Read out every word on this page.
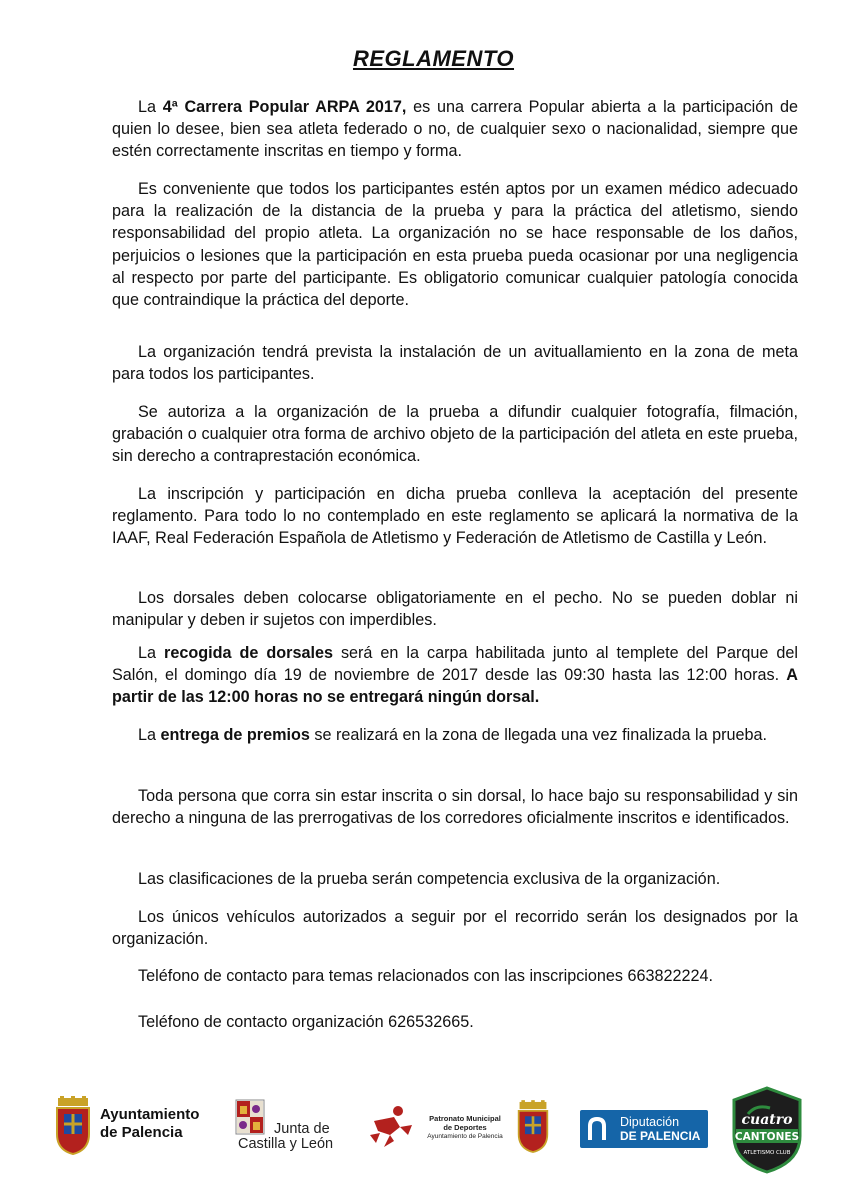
REGLAMENTO

La 4ª Carrera Popular ARPA 2017, es una carrera Popular abierta a la participación de quien lo desee, bien sea atleta federado o no, de cualquier sexo o nacionalidad, siempre que estén correctamente inscritas en tiempo y forma.

Es conveniente que todos los participantes estén aptos por un examen médico adecuado para la realización de la distancia de la prueba y para la práctica del atletismo, siendo responsabilidad del propio atleta. La organización no se hace responsable de los daños, perjuicios o lesiones que la participación en esta prueba pueda ocasionar por una negligencia al respecto por parte del participante. Es obligatorio comunicar cualquier patología conocida que contraindique la práctica del deporte.

La organización tendrá prevista la instalación de un avituallamiento en la zona de meta para todos los participantes.

Se autoriza a la organización de la prueba a difundir cualquier fotografía, filmación, grabación o cualquier otra forma de archivo objeto de la participación del atleta en este prueba, sin derecho a contraprestación económica.

La inscripción y participación en dicha prueba conlleva la aceptación del presente reglamento. Para todo lo no contemplado en este reglamento se aplicará la normativa de la IAAF, Real Federación Española de Atletismo y Federación de Atletismo de Castilla y León.

Los dorsales deben colocarse obligatoriamente en el pecho. No se pueden doblar ni manipular y deben ir sujetos con imperdibles.

La recogida de dorsales será en la carpa habilitada junto al templete del Parque del Salón, el domingo día 19 de noviembre de 2017 desde las 09:30 hasta las 12:00 horas. A partir de las 12:00 horas no se entregará ningún dorsal.

La entrega de premios se realizará en la zona de llegada una vez finalizada la prueba.

Toda persona que corra sin estar inscrita o sin dorsal, lo hace bajo su responsabilidad y sin derecho a ninguna de las prerrogativas de los corredores oficialmente inscritos e identificados.

Las clasificaciones de la prueba serán competencia exclusiva de la organización.

Los únicos vehículos autorizados a seguir por el recorrido serán los designados por la organización.

Teléfono de contacto para temas relacionados con las inscripciones 663822224.

Teléfono de contacto organización 626532665.

Ayuntamiento
de Palencia	Junta de
Castilla y León
Patronato Municipal
de Deportes
Ayuntamiento de Palencia
Diputación
DE PALENCIA
cuatro
CANTONES
ATLETISMO CLUB
